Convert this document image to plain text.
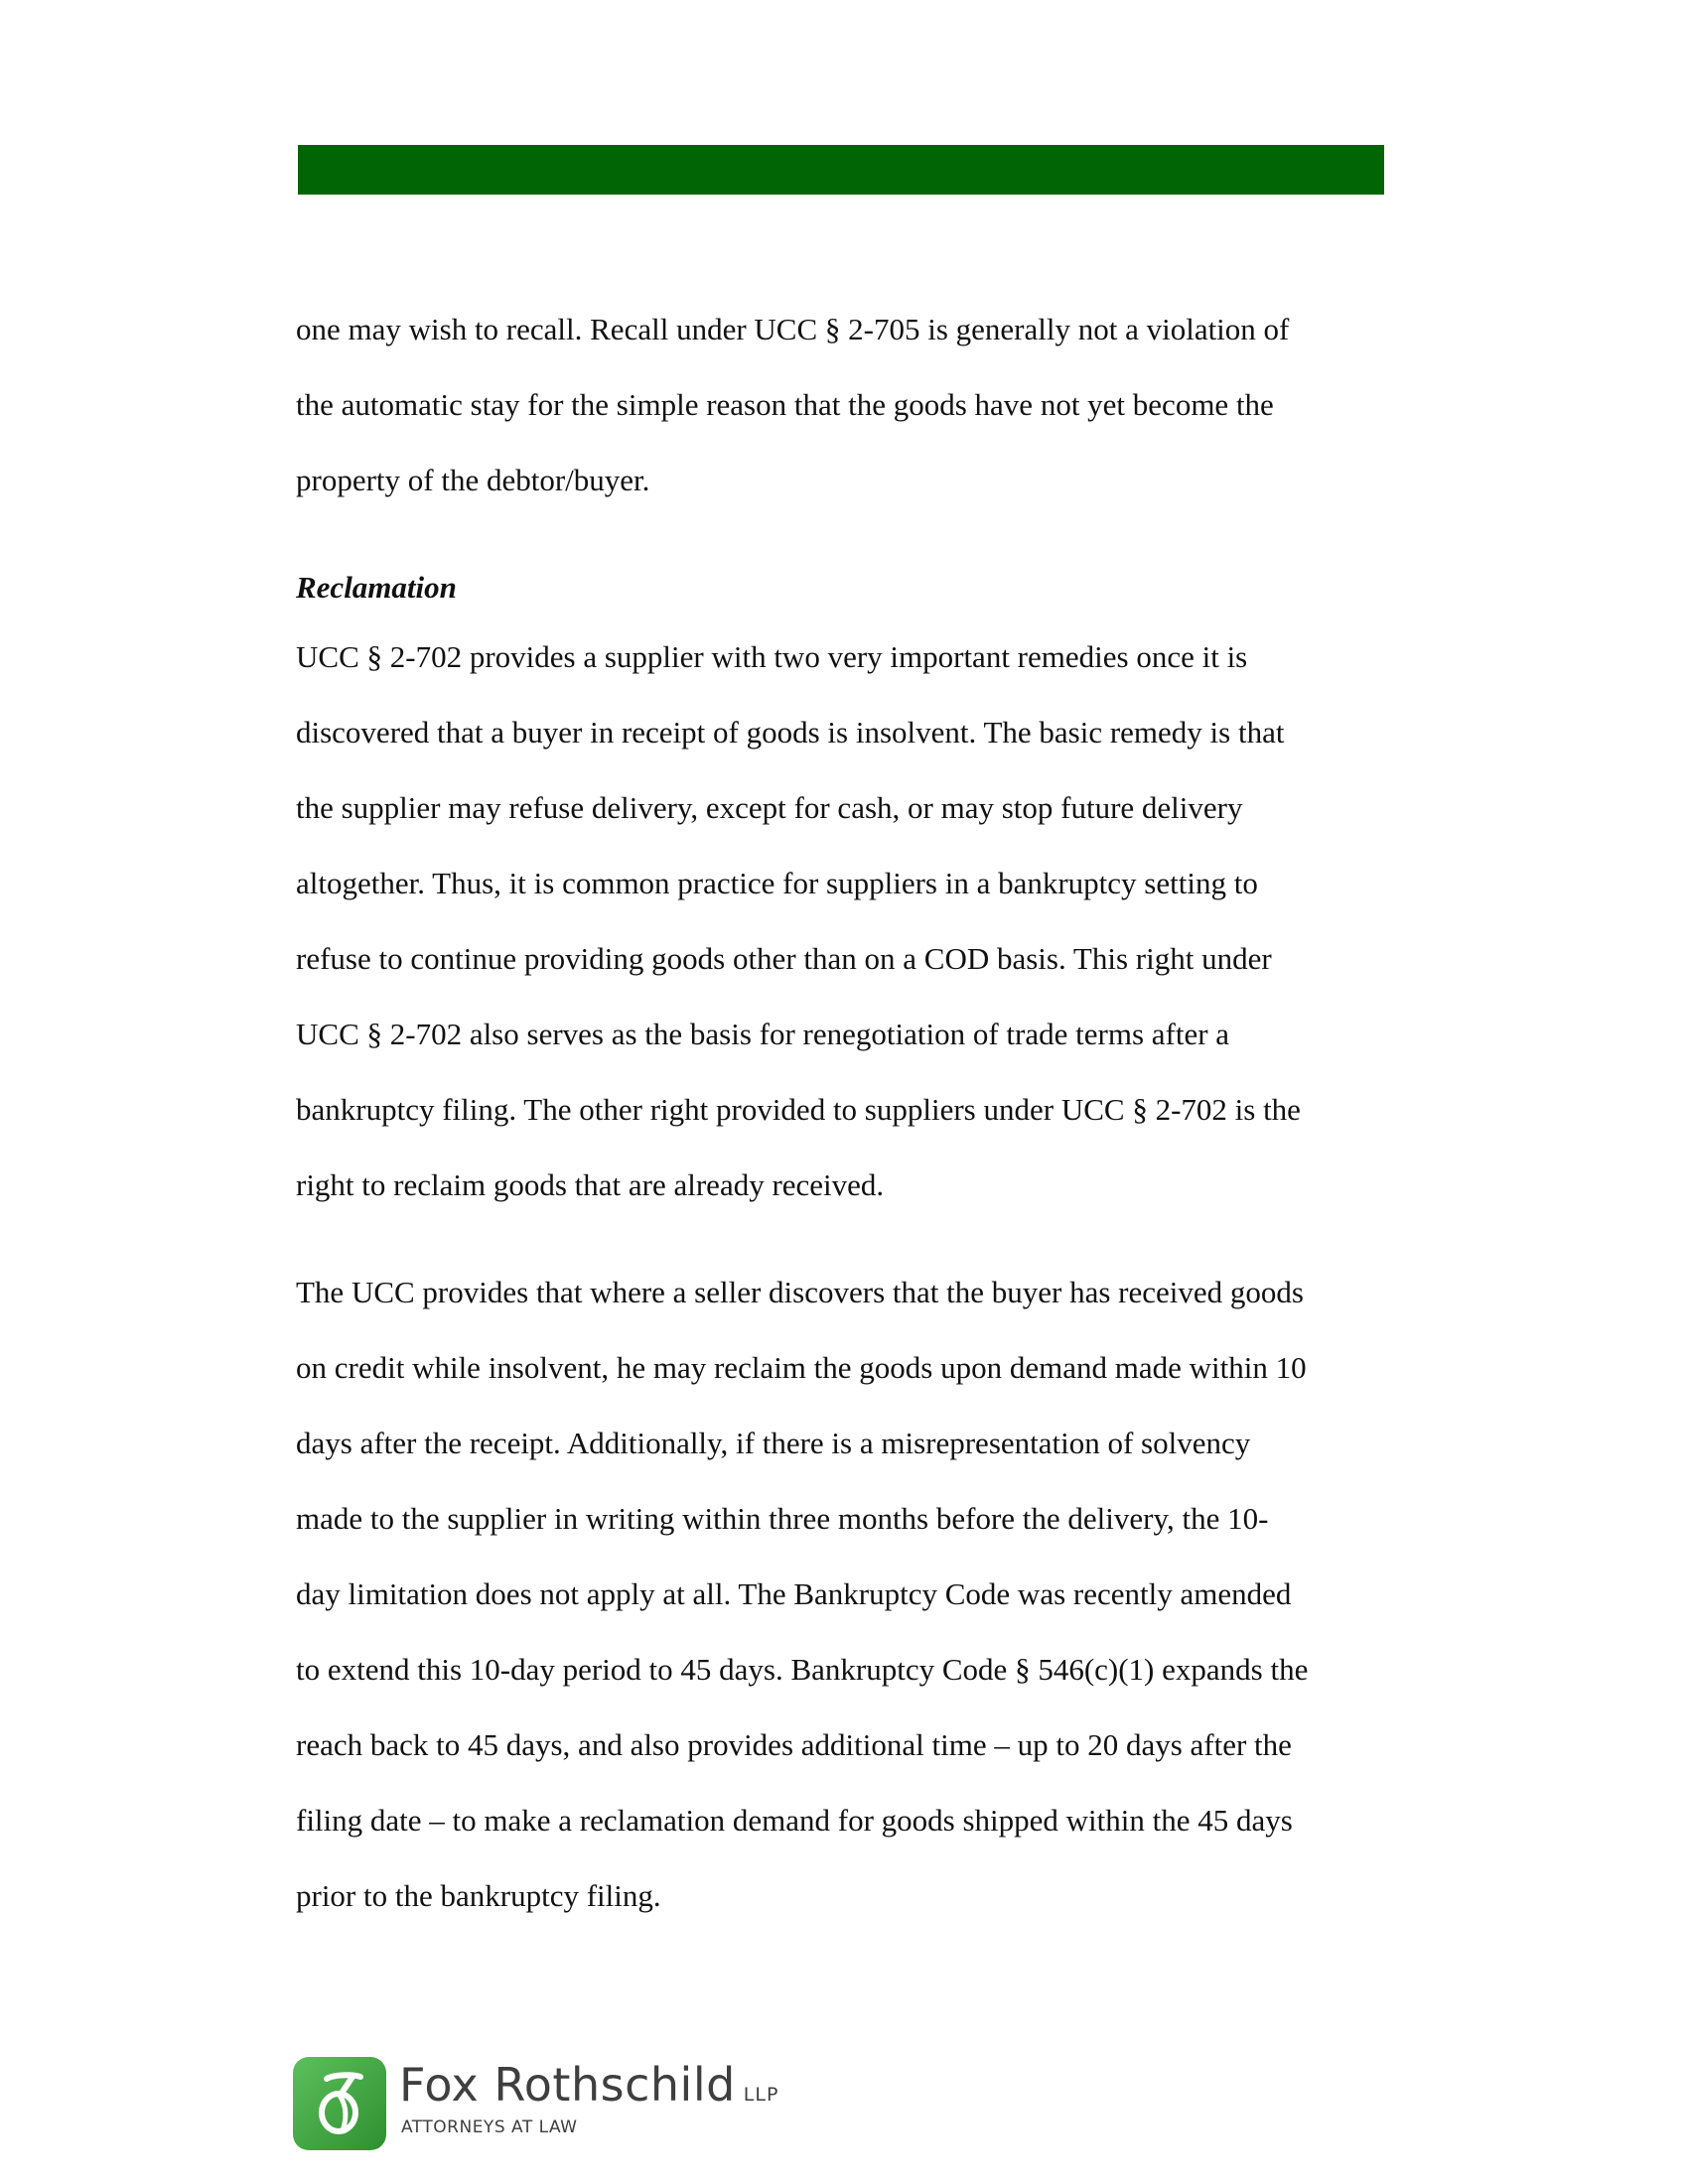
one may wish to recall. Recall under UCC § 2-705 is generally not a violation of
the automatic stay for the simple reason that the goods have not yet become the
property of the debtor/buyer.
Reclamation
UCC § 2-702 provides a supplier with two very important remedies once it is
discovered that a buyer in receipt of goods is insolvent. The basic remedy is that
the supplier may refuse delivery, except for cash, or may stop future delivery
altogether. Thus, it is common practice for suppliers in a bankruptcy setting to
refuse to continue providing goods other than on a COD basis. This right under
UCC § 2-702 also serves as the basis for renegotiation of trade terms after a
bankruptcy filing. The other right provided to suppliers under UCC § 2-702 is the
right to reclaim goods that are already received.
The UCC provides that where a seller discovers that the buyer has received goods
on credit while insolvent, he may reclaim the goods upon demand made within 10
days after the receipt. Additionally, if there is a misrepresentation of solvency
made to the supplier in writing within three months before the delivery, the 10-
day limitation does not apply at all. The Bankruptcy Code was recently amended
to extend this 10-day period to 45 days. Bankruptcy Code § 546(c)(1) expands the
reach back to 45 days, and also provides additional time – up to 20 days after the
filing date – to make a reclamation demand for goods shipped within the 45 days
prior to the bankruptcy filing.
Fox Rothschild LLP
ATTORNEYS AT LAW
